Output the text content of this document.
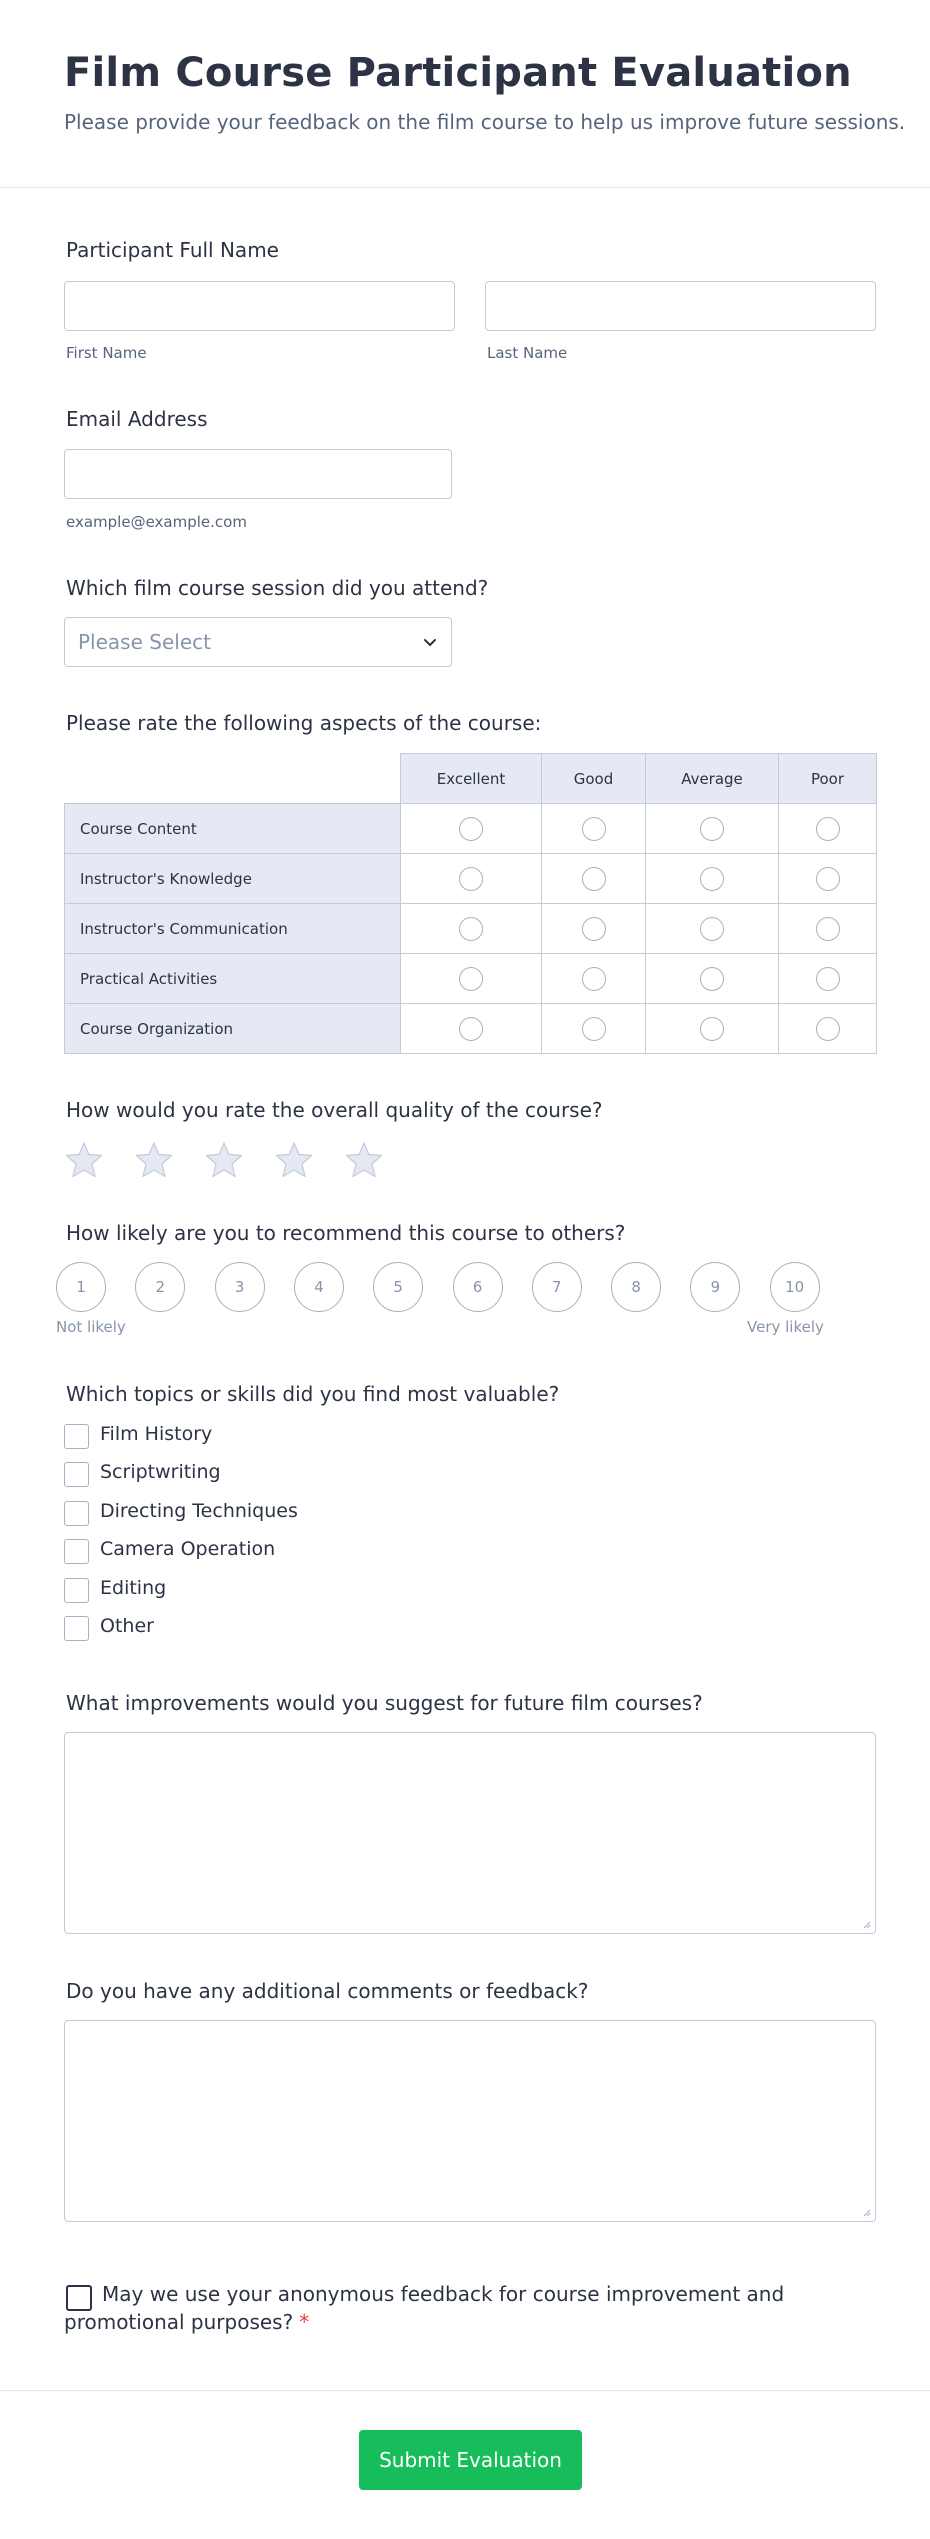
Film Course Participant Evaluation
Please provide your feedback on the film course to help us improve future sessions.
Participant Full Name
First Name	Last Name
Email Address
example@example.com
Which film course session did you attend?
Please Select
Please rate the following aspects of the course:
Excellent	Good	Average	Poor
Course Content
Instructor's Knowledge
Instructor's Communication
Practical Activities
Course Organization
How would you rate the overall quality of the course?
How likely are you to recommend this course to others?
1	2	3	4	5	6	7	8	9	10
Not likely	Very likely
Which topics or skills did you find most valuable?
Film History
Scriptwriting
Directing Techniques
Camera Operation
Editing
Other
What improvements would you suggest for future film courses?
Do you have any additional comments or feedback?
May we use your anonymous feedback for course improvement and promotional purposes? *
Submit Evaluation
